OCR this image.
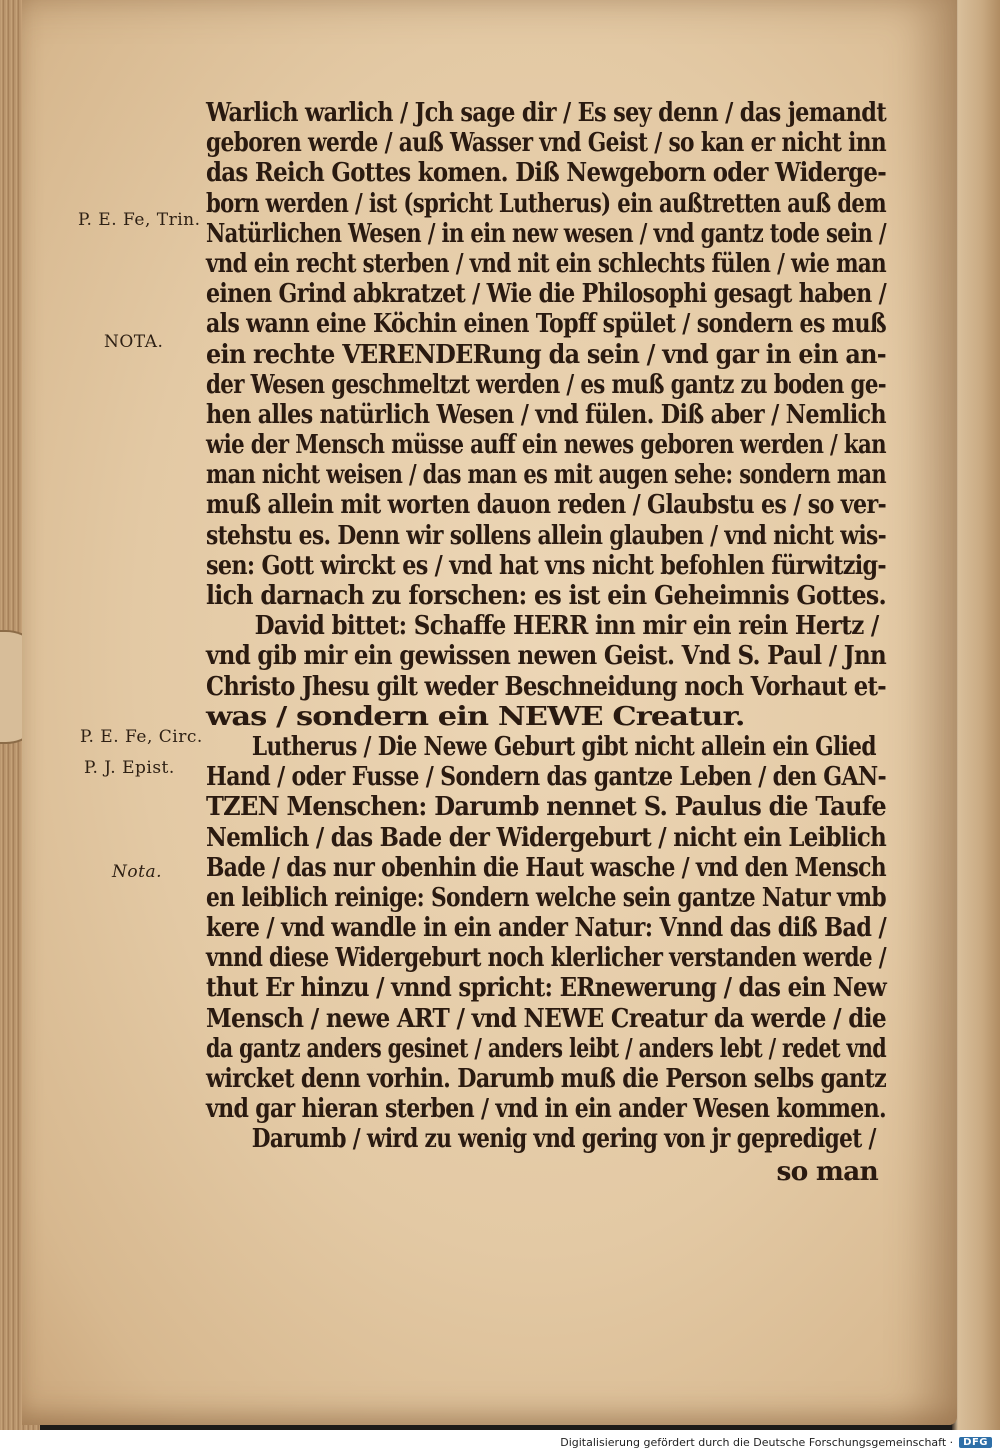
Warlich warlich / Jch sage dir / Es sey denn / das jemandt
geboren werde / auß Wasser vnd Geist / so kan er nicht inn
das Reich Gottes komen. Diß Newgeborn oder Widerge-
born werden / ist (spricht Lutherus) ein außtretten auß dem
Natürlichen Wesen / in ein new wesen / vnd gantz tode sein /
vnd ein recht sterben / vnd nit ein schlechts fülen / wie man
einen Grind abkratzet / Wie die Philosophi gesagt haben /
als wann eine Köchin einen Topff spület / sondern es muß
ein rechte VERENDERung da sein / vnd gar in ein an-
der Wesen geschmeltzt werden / es muß gantz zu boden ge-
hen alles natürlich Wesen / vnd fülen. Diß aber / Nemlich
wie der Mensch müsse auff ein newes geboren werden / kan
man nicht weisen / das man es mit augen sehe: sondern man
muß allein mit worten dauon reden / Glaubstu es / so ver-
stehstu es. Denn wir sollens allein glauben / vnd nicht wis-
sen: Gott wirckt es / vnd hat vns nicht befohlen fürwitzig-
lich darnach zu forschen: es ist ein Geheimnis Gottes.
David bittet: Schaffe HERR inn mir ein rein Hertz /
vnd gib mir ein gewissen newen Geist. Vnd S. Paul / Jnn
Christo Jhesu gilt weder Beschneidung noch Vorhaut et-
was / sondern ein NEWE Creatur.
Lutherus / Die Newe Geburt gibt nicht allein ein Glied
Hand / oder Fusse / Sondern das gantze Leben / den GAN-
TZEN Menschen: Darumb nennet S. Paulus die Taufe
Nemlich / das Bade der Widergeburt / nicht ein Leiblich
Bade / das nur obenhin die Haut wasche / vnd den Mensch
en leiblich reinige: Sondern welche sein gantze Natur vmb
kere / vnd wandle in ein ander Natur: Vnnd das diß Bad /
vnnd diese Widergeburt noch klerlicher verstanden werde /
thut Er hinzu / vnnd spricht: ERnewerung / das ein New
Mensch / newe ART / vnd NEWE Creatur da werde / die
da gantz anders gesinet / anders leibt / anders lebt / redet vnd
wircket denn vorhin. Darumb muß die Person selbs gantz
vnd gar hieran sterben / vnd in ein ander Wesen kommen.
Darumb / wird zu wenig vnd gering von jr geprediget /
so man
P. E. Fe, Trin.
NOTA.
P. E. Fe, Circ.
P. J. Epist.
Nota.
Digitalisierung gefördert durch die Deutsche Forschungsgemeinschaft ·	DFG
